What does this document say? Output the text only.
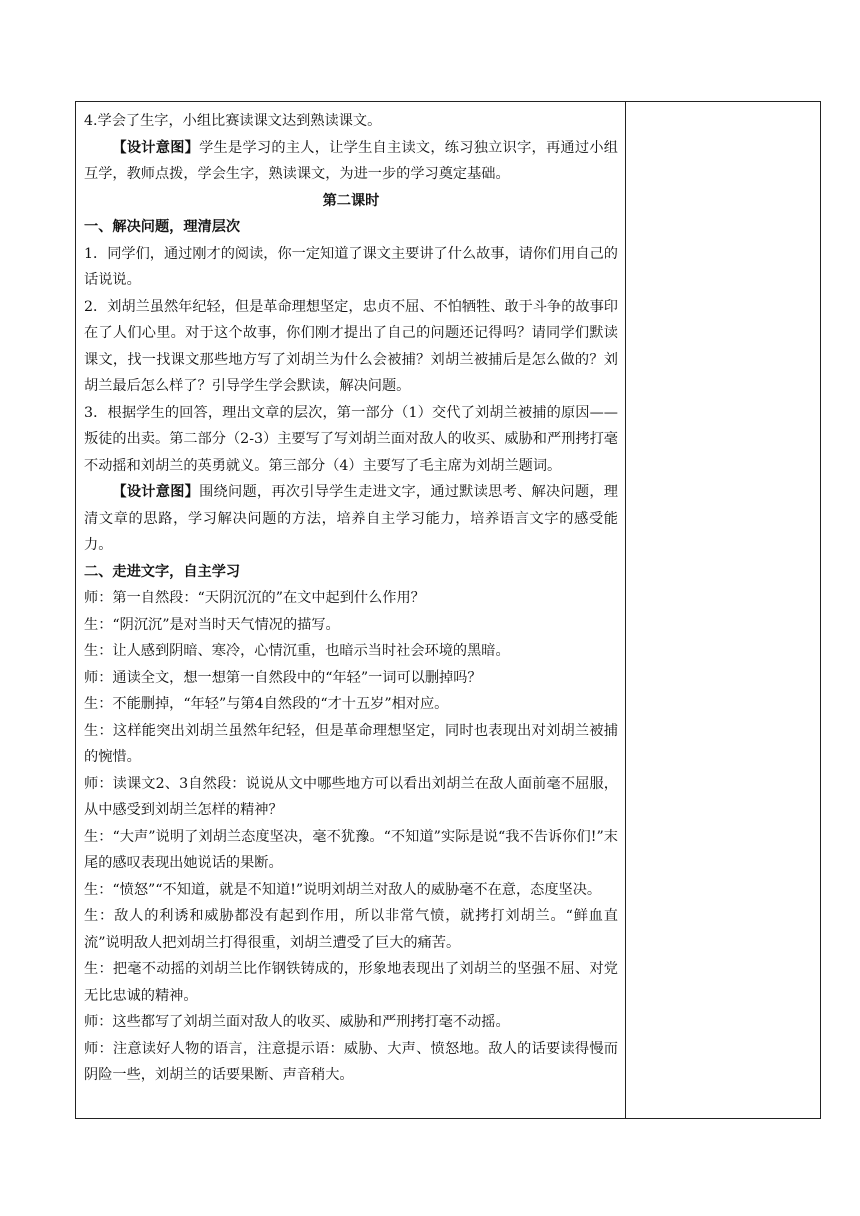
4.学会了生字，小组比赛读课文达到熟读课文。

【设计意图】学生是学习的主人，让学生自主读文，练习独立识字，再通过小组互学，教师点拨，学会生字，熟读课文，为进一步的学习奠定基础。

第二课时

一、解决问题，理清层次

1．同学们，通过刚才的阅读，你一定知道了课文主要讲了什么故事，请你们用自己的话说说。

2．刘胡兰虽然年纪轻，但是革命理想坚定，忠贞不屈、不怕牺牲、敢于斗争的故事印在了人们心里。对于这个故事，你们刚才提出了自己的问题还记得吗？请同学们默读课文，找一找课文那些地方写了刘胡兰为什么会被捕？刘胡兰被捕后是怎么做的？刘胡兰最后怎么样了？引导学生学会默读，解决问题。

3．根据学生的回答，理出文章的层次，第一部分（1）交代了刘胡兰被捕的原因——叛徒的出卖。第二部分（2-3）主要写了写刘胡兰面对敌人的收买、威胁和严刑拷打毫不动摇和刘胡兰的英勇就义。第三部分（4）主要写了毛主席为刘胡兰题词。

【设计意图】围绕问题，再次引导学生走进文字，通过默读思考、解决问题，理清文章的思路，学习解决问题的方法，培养自主学习能力，培养语言文字的感受能力。

二、走进文字，自主学习

师：第一自然段：“天阴沉沉的”在文中起到什么作用？

生：“阴沉沉”是对当时天气情况的描写。

生：让人感到阴暗、寒冷，心情沉重，也暗示当时社会环境的黑暗。

师：通读全文，想一想第一自然段中的“年轻”一词可以删掉吗？

生：不能删掉，“年轻”与第4自然段的“才十五岁”相对应。

生：这样能突出刘胡兰虽然年纪轻，但是革命理想坚定，同时也表现出对刘胡兰被捕的惋惜。

师：读课文2、3自然段：说说从文中哪些地方可以看出刘胡兰在敌人面前毫不屈服，从中感受到刘胡兰怎样的精神？

生：“大声”说明了刘胡兰态度坚决，毫不犹豫。“不知道”实际是说“我不告诉你们!”末尾的感叹表现出她说话的果断。

生：“愤怒”“不知道，就是不知道!”说明刘胡兰对敌人的威胁毫不在意，态度坚决。

生：敌人的利诱和威胁都没有起到作用，所以非常气愤，就拷打刘胡兰。“鲜血直流”说明敌人把刘胡兰打得很重，刘胡兰遭受了巨大的痛苦。

生：把毫不动摇的刘胡兰比作钢铁铸成的，形象地表现出了刘胡兰的坚强不屈、对党无比忠诚的精神。

师：这些都写了刘胡兰面对敌人的收买、威胁和严刑拷打毫不动摇。

师：注意读好人物的语言，注意提示语：威胁、大声、愤怒地。敌人的话要读得慢而阴险一些，刘胡兰的话要果断、声音稍大。
